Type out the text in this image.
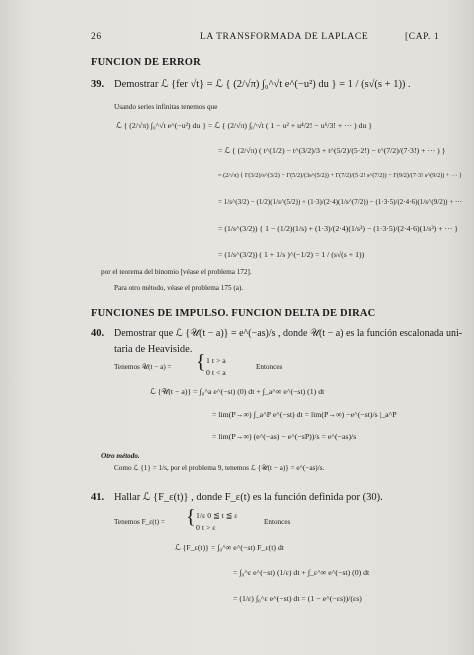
26	LA TRANSFORMADA DE LAPLACE	[CAP. 1
FUNCION DE ERROR
39. Demostrar ℒ {fer √t} = ℒ { (2/√π) ∫₀^√t e^(−u²) du } = 1 / (s√(s + 1)) .
Usando series infinitas tenemos que
ℒ { (2/√π) ∫₀^√t e^(−u²) du } = ℒ { (2/√π) ∫₀^√t ( 1 − u² + u⁴/2! − u⁶/3! + ··· ) du }
= ℒ { (2/√π) ( t^(1/2) − t^(3/2)/3 + t^(5/2)/(5·2!) − t^(7/2)/(7·3!) + ··· ) }
= (2/√π) { Γ(3/2)/s^(3/2) − Γ(5/2)/(3s^(5/2)) + Γ(7/2)/(5·2! s^(7/2)) − Γ(9/2)/(7·3! s^(9/2)) + ··· }
= 1/s^(3/2) − (1/2)(1/s^(5/2)) + (1·3)/(2·4)(1/s^(7/2)) − (1·3·5)/(2·4·6)(1/s^(9/2)) + ···
= (1/s^(3/2)) { 1 − (1/2)(1/s) + (1·3)/(2·4)(1/s²) − (1·3·5)/(2·4·6)(1/s³) + ··· }
= (1/s^(3/2)) ( 1 + 1/s )^(−1/2) = 1 / (s√(s + 1))
por el teorema del binomio [véase el problema 172].
Para otro método, véase el problema 175 (a).
FUNCIONES DE IMPULSO. FUNCION DELTA DE DIRAC
40. Demostrar que ℒ {𝒰(t − a)} = e^(−as)/s , donde 𝒰(t − a) es la función escalonada uni-
taria de Heaviside.
Tenemos 𝒰(t − a) = { 1 t > a
0 t < a
Entonces
ℒ {𝒰(t − a)} = ∫₀^a e^(−st) (0) dt + ∫_a^∞ e^(−st) (1) dt
= lim(P→∞) ∫_a^P e^(−st) dt = lim(P→∞) −e^(−st)/s |_a^P
= lim(P→∞) (e^(−as) − e^(−sP))/s = e^(−as)/s
Otro método.
Como ℒ {1} = 1/s, por el problema 9, tenemos ℒ {𝒰(t − a)} = e^(−as)/s.
41. Hallar ℒ {F_ε(t)} , donde F_ε(t) es la función definida por (30).
Tenemos F_ε(t) = { 1/ε 0 ≦ t ≦ ε
0 t > ε
Entonces
ℒ {F_ε(t)} = ∫₀^∞ e^(−st) F_ε(t) dt
= ∫₀^ε e^(−st) (1/ε) dt + ∫_ε^∞ e^(−st) (0) dt
= (1/ε) ∫₀^ε e^(−st) dt = (1 − e^(−εs))/(εs)
